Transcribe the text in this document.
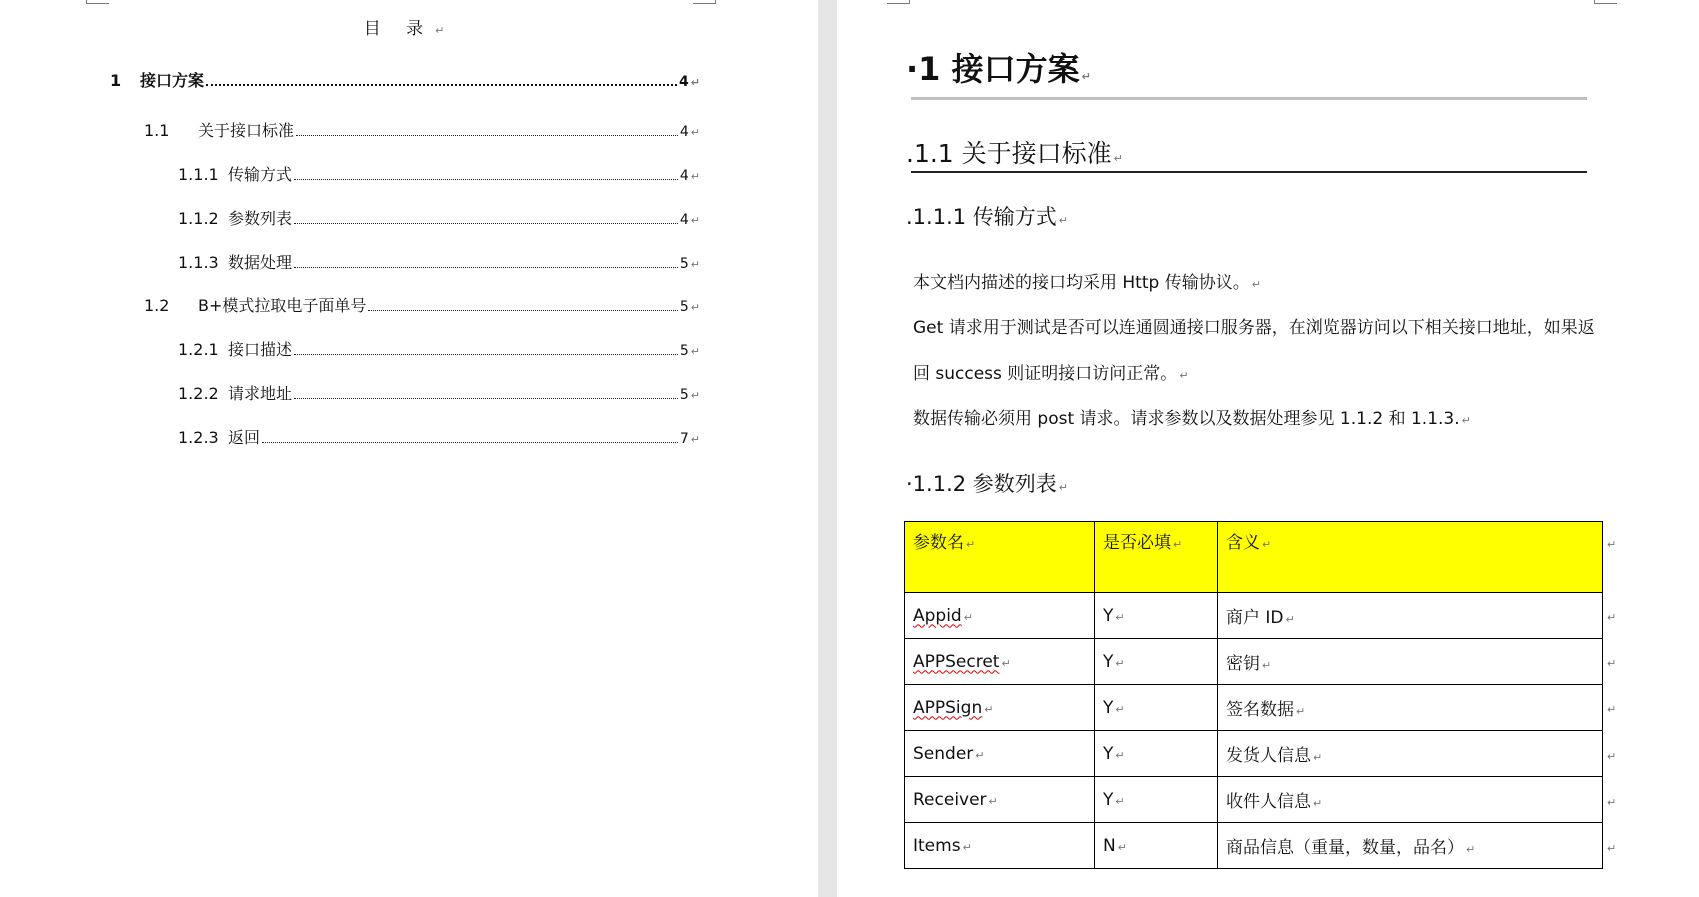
目 录 ↵
1	接口方案	4 ↵
1.1	关于接口标准	4 ↵
1.1.1 传输方式	4 ↵
1.1.2 参数列表	4 ↵
1.1.3 数据处理	5 ↵
1.2	B+模式拉取电子面单号	5 ↵
1.2.1 接口描述	5 ↵
1.2.2 请求地址	5 ↵
1.2.3 返回	7 ↵
·1 接口方案 ↵
.1.1 关于接口标准 ↵
.1.1.1 传输方式 ↵
本文档内描述的接口均采用 Http 传输协议。 ↵
Get 请求用于测试是否可以连通圆通接口服务器，在浏览器访问以下相关接口地址，如果返
回 success 则证明接口访问正常。 ↵
数据传输必须用 post 请求。请求参数以及数据处理参见 1.1.2 和 1.1.3. ↵
·1.1.2 参数列表 ↵
参数名 ↵	是否必填 ↵	含义 ↵
Appid ↵	Y ↵	商户 ID ↵
APPSecret ↵	Y ↵	密钥 ↵
APPSign ↵	Y ↵	签名数据 ↵
Sender ↵	Y ↵	发货人信息 ↵
Receiver ↵	Y ↵	收件人信息 ↵
Items ↵	N ↵	商品信息（重量，数量，品名） ↵
↵
↵
↵
↵
↵
↵
↵
